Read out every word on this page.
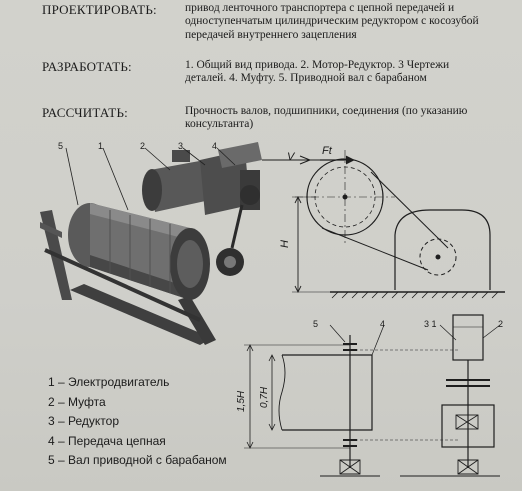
ПРОЕКТИРОВАТЬ: привод ленточного транспортера с цепной передачей и одноступенчатым цилиндрическим редуктором с косозубой передачей внутреннего зацепления
РАЗРАБОТАТЬ:	1. Общий вид привода. 2. Мотор-Редуктор. 3 Чертежи деталей. 4. Муфту. 5. Приводной вал с барабаном
РАССЧИТАТЬ:	Прочность валов, подшипники, соединения (по указанию консультанта)
5	1	2	3	4
V	Ft
H
5	4	3 1	2
1,5H 0,7H
1 – Электродвигатель
2 – Муфта
3 – Редуктор
4 – Передача цепная
5 – Вал приводной с барабаном
